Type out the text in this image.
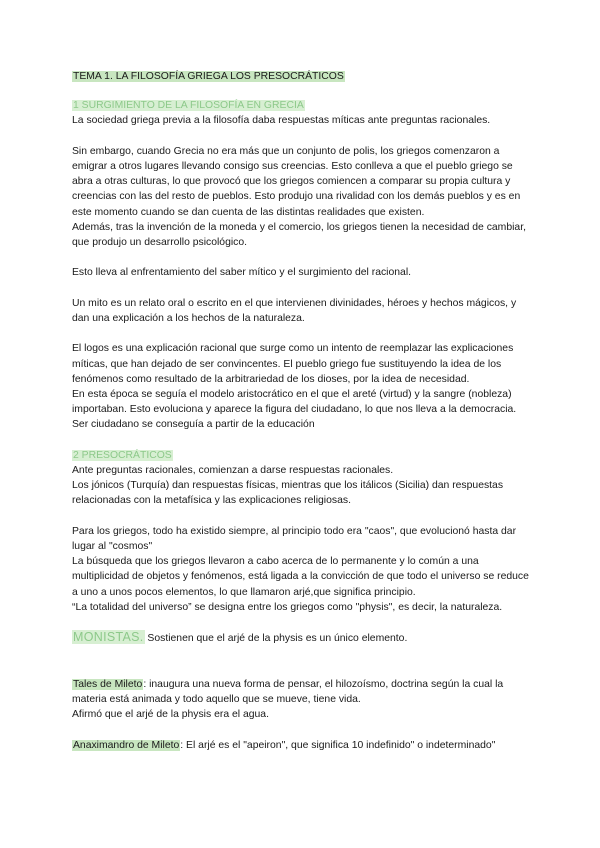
TEMA 1. LA FILOSOFÍA GRIEGA LOS PRESOCRÁTICOS

1 SURGIMIENTO DE LA FILOSOFÍA EN GRECIA

La sociedad griega previa a la filosofía daba respuestas míticas ante preguntas racionales.

Sin embargo, cuando Grecia no era más que un conjunto de polis, los griegos comenzaron a emigrar a otros lugares llevando consigo sus creencias. Esto conlleva a que el pueblo griego se abra a otras culturas, lo que provocó que los griegos comiencen a comparar su propia cultura y creencias con las del resto de pueblos. Esto produjo una rivalidad con los demás pueblos y es en este momento cuando se dan cuenta de las distintas realidades que existen.

Además, tras la invención de la moneda y el comercio, los griegos tienen la necesidad de cambiar, que produjo un desarrollo psicológico.

Esto lleva al enfrentamiento del saber mítico y el surgimiento del racional.

Un mito es un relato oral o escrito en el que intervienen divinidades, héroes y hechos mágicos, y dan una explicación a los hechos de la naturaleza.

El logos es una explicación racional que surge como un intento de reemplazar las explicaciones míticas, que han dejado de ser convincentes. El pueblo griego fue sustituyendo la idea de los fenómenos como resultado de la arbitrariedad de los dioses, por la idea de necesidad.

En esta época se seguía el modelo aristocrático en el que el areté (virtud) y la sangre (nobleza) importaban. Esto evoluciona y aparece la figura del ciudadano, lo que nos lleva a la democracia. Ser ciudadano se conseguía a partir de la educación

2 PRESOCRÁTICOS

Ante preguntas racionales, comienzan a darse respuestas racionales.

Los jónicos (Turquía) dan respuestas físicas, mientras que los itálicos (Sicilia) dan respuestas relacionadas con la metafísica y las explicaciones religiosas.

Para los griegos, todo ha existido siempre, al principio todo era "caos", que evolucionó hasta dar lugar al "cosmos"

La búsqueda que los griegos llevaron a cabo acerca de lo permanente y lo común a una multiplicidad de objetos y fenómenos, está ligada a la convicción de que todo el universo se reduce a uno a unos pocos elementos, lo que llamaron arjé,que significa principio.

“La totalidad del universo” se designa entre los griegos como "physis", es decir, la naturaleza.

MONISTAS. Sostienen que el arjé de la physis es un único elemento.

Tales de Mileto: inaugura una nueva forma de pensar, el hilozoísmo, doctrina según la cual la materia está animada y todo aquello que se mueve, tiene vida.

Afirmó que el arjé de la physis era el agua.

Anaximandro de Mileto: El arjé es el "apeiron", que significa 10 indefinido" o indeterminado"
